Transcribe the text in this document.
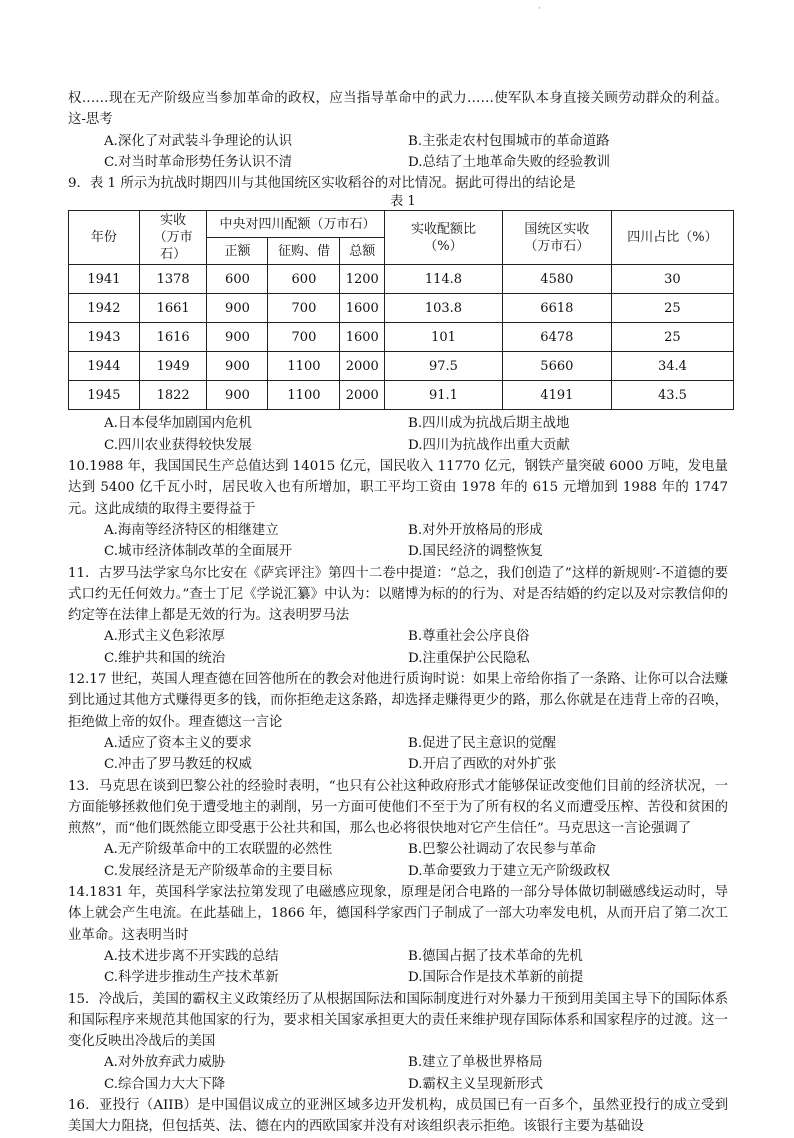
·

权……现在无产阶级应当参加革命的政权，应当指导革命中的武力……使军队本身直接关顾劳动群众的利益。这-思考

A.深化了对武装斗争理论的认识	B.主张走农村包围城市的革命道路
C.对当时革命形势任务认识不清	D.总结了土地革命失败的经验教训

9．表 1 所示为抗战时期四川与其他国统区实收稻谷的对比情况。据此可得出的结论是

表 1

年份	实收（万市石）	中央对四川配额（万市石）			实收配额比（%）	国统区实收（万市石）	四川占比（%）
		正额	征购、借	总额			
1941	1378	600	600	1200	114.8	4580	30
1942	1661	900	700	1600	103.8	6618	25
1943	1616	900	700	1600	101	6478	25
1944	1949	900	1100	2000	97.5	5660	34.4
1945	1822	900	1100	2000	91.1	4191	43.5
A.日本侵华加剧国内危机	B.四川成为抗战后期主战地
C.四川农业获得较快发展	D.四川为抗战作出重大贡献

10.1988 年，我国国民生产总值达到 14015 亿元，国民收入 11770 亿元，钢铁产量突破 6000 万吨，发电量达到 5400 亿千瓦小时，居民收入也有所增加，职工平均工资由 1978 年的 615 元增加到 1988 年的 1747 元。这此成绩的取得主要得益于

A.海南等经济特区的相继建立	B.对外开放格局的形成
C.城市经济体制改革的全面展开	D.国民经济的调整恢复

11．古罗马法学家乌尔比安在《萨宾评注》第四十二卷中提道：“总之，我们创造了”这样的新规则′-不道德的要式口约无任何效力。”查士丁尼《学说汇纂》中认为：以赌博为标的的行为、对是否结婚的约定以及对宗教信仰的约定等在法律上都是无效的行为。这表明罗马法

A.形式主义色彩浓厚	B.尊重社会公序良俗
C.维护共和国的统治	D.注重保护公民隐私

12.17 世纪，英国人理查德在回答他所在的教会对他进行质询时说：如果上帝给你指了一条路、让你可以合法赚到比通过其他方式赚得更多的钱，而你拒绝走这条路，却选择走赚得更少的路，那么你就是在违背上帝的召唤，拒绝做上帝的奴仆。理查德这一言论

A.适应了资本主义的要求	B.促进了民主意识的觉醒
C.冲击了罗马教廷的权威	D.开启了西欧的对外扩张

13．马克思在谈到巴黎公社的经验时表明，“也只有公社这种政府形式才能够保证改变他们目前的经济状况，一方面能够拯救他们免于遭受地主的剥削，另一方面可使他们不至于为了所有权的名义而遭受压榨、苦役和贫困的煎熬”，而“他们既然能立即受惠于公社共和国，那么也必将很快地对它产生信任”。马克思这一言论强调了

A.无产阶级革命中的工农联盟的必然性	B.巴黎公社调动了农民参与革命
C.发展经济是无产阶级革命的主要目标	D.革命要致力于建立无产阶级政权

14.1831 年，英国科学家法拉第发现了电磁感应现象，原理是闭合电路的一部分导体做切制磁感线运动时，导体上就会产生电流。在此基础上，1866 年，德国科学家西门子制成了一部大功率发电机，从而开启了第二次工业革命。这表明当时

A.技术进步离不开实践的总结	B.德国占据了技术革命的先机
C.科学进步推动生产技术革新	D.国际合作是技术革新的前提

15．冷战后，美国的霸权主义政策经历了从根据国际法和国际制度进行对外暴力干预到用美国主导下的国际体系和国际程序来规范其他国家的行为，要求相关国家承担更大的责任来维护现存国际体系和国家程序的过渡。这一变化反映出冷战后的美国

A.对外放弃武力威胁	B.建立了单极世界格局
C.综合国力大大下降	D.霸权主义呈现新形式

16．亚投行（AIIB）是中国倡议成立的亚洲区域多边开发机构，成员国已有一百多个，虽然亚投行的成立受到美国大力阻挠，但包括英、法、德在内的西欧国家并没有对该组织表示拒绝。该银行主要为基础设
